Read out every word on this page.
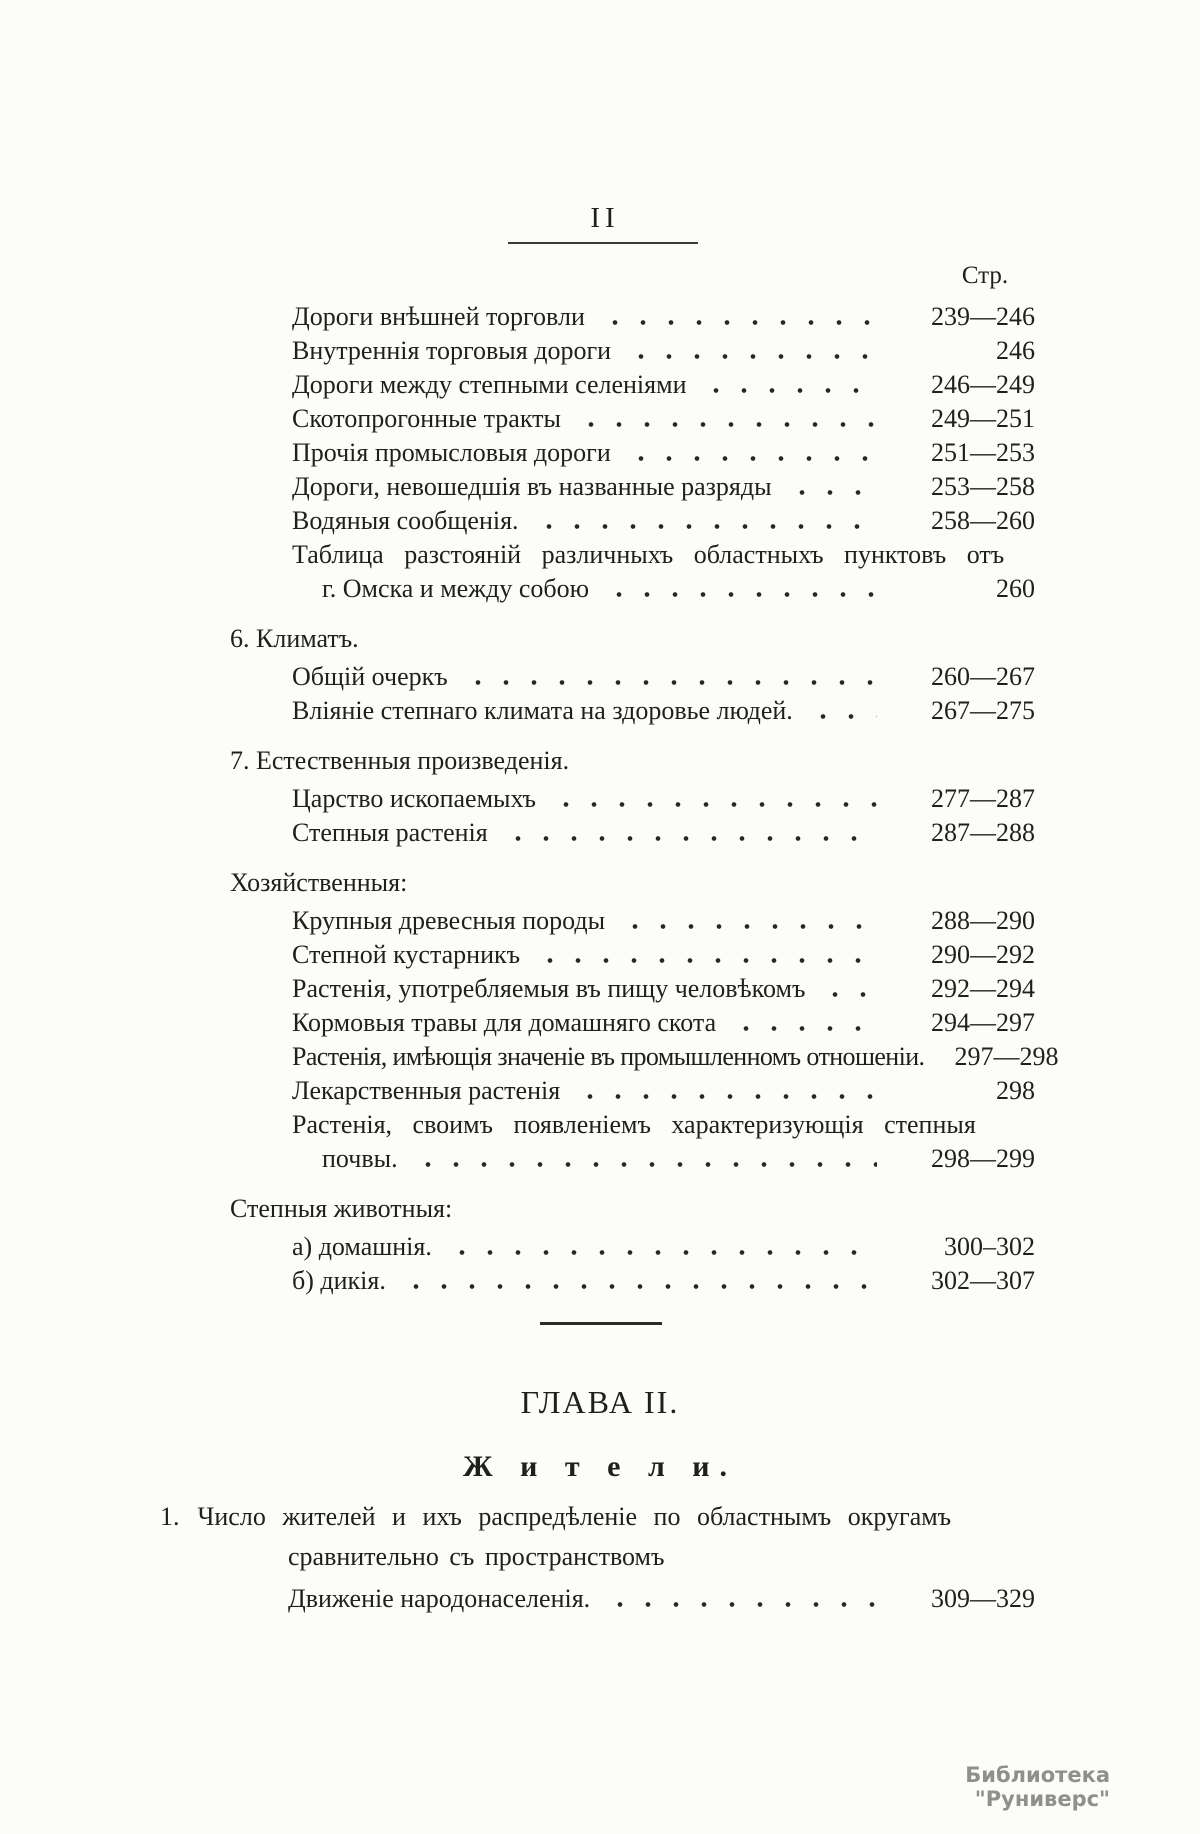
II
Стр.
Дороги внѣшней торговли	239—246
Внутреннія торговыя дороги	246
Дороги между степными селеніями	246—249
Скотопрогонные тракты	249—251
Прочія промысловыя дороги	251—253
Дороги, невошедшія въ названные разряды	253—258
Водяныя сообщенія.	258—260
Таблица разстояній различныхъ областныхъ пунктовъ отъ
г. Омска и между собою	260
6. Климатъ.
Общій очеркъ	260—267
Вліяніе степнаго климата на здоровье людей.	267—275
7. Естественныя произведенія.
Царство ископаемыхъ	277—287
Степныя растенія	287—288
Хозяйственныя:
Крупныя древесныя породы	288—290
Степной кустарникъ	290—292
Растенія, употребляемыя въ пищу человѣкомъ	292—294
Кормовыя травы для домашняго скота	294—297
Растенія, имѣющія значеніе въ промышленномъ отношеніи. 297—298
Лекарственныя растенія	298
Растенія, своимъ появленіемъ характеризующія степныя
почвы.	298—299
Степныя животныя:
а) домашнія.	300–302
б) дикія.	302—307
ГЛАВА II.
Ж и т е л и.
1. Число жителей и ихъ распредѣленіе по областнымъ округамъ
сравнительно съ пространствомъ
Движеніе народонаселенія.	309—329
Библиотека "Руниверс"
